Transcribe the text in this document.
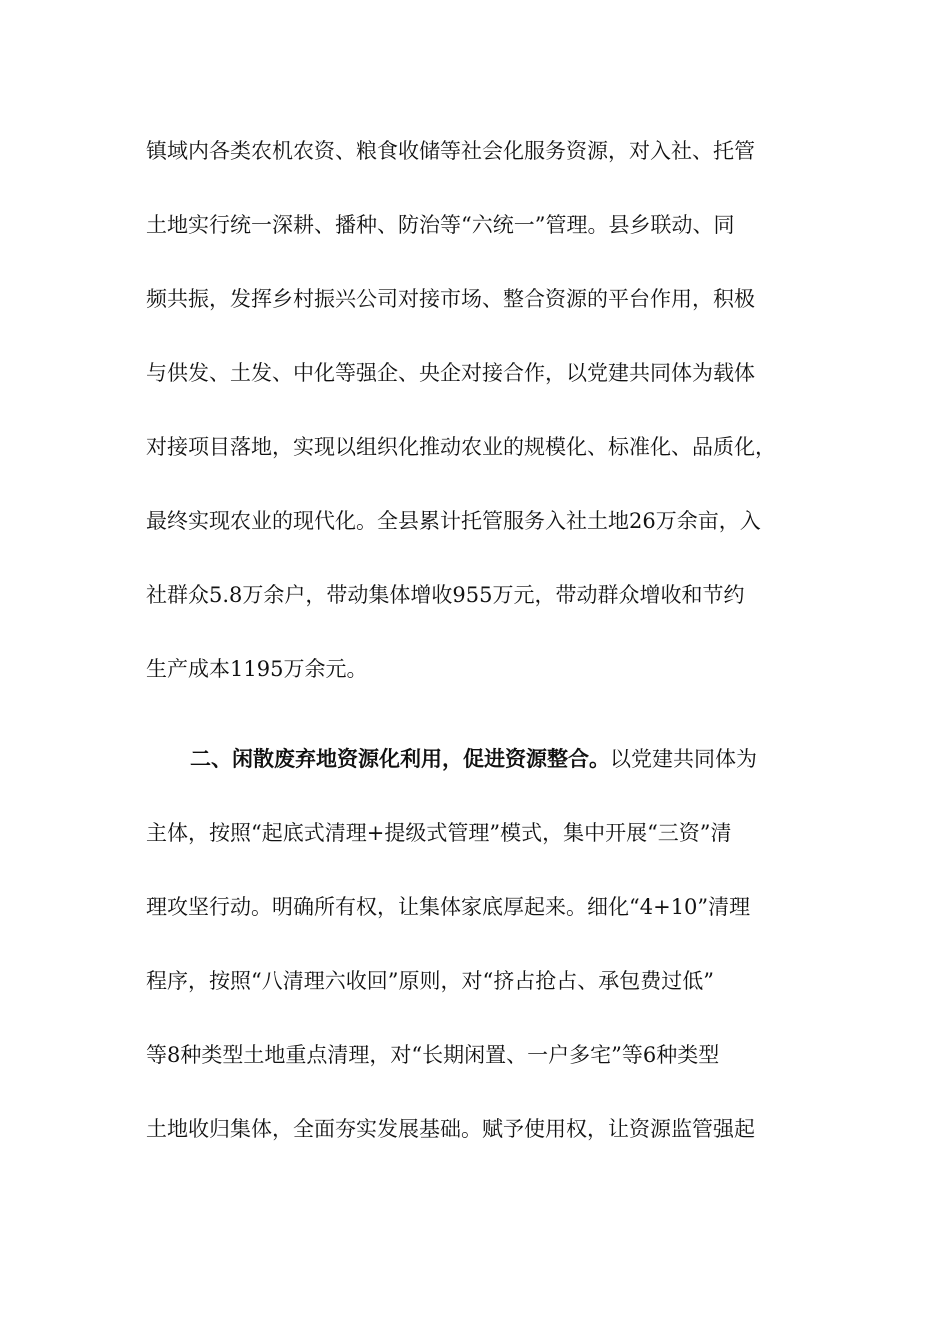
镇域内各类农机农资、粮食收储等社会化服务资源，对入社、托管
土地实行统一深耕、播种、防治等“六统一”管理。县乡联动、同
频共振，发挥乡村振兴公司对接市场、整合资源的平台作用，积极
与供发、土发、中化等强企、央企对接合作，以党建共同体为载体
对接项目落地，实现以组织化推动农业的规模化、标准化、品质化，
最终实现农业的现代化。全县累计托管服务入社土地26万余亩，入
社群众5.8万余户，带动集体增收955万元，带动群众增收和节约
生产成本1195万余元。
二、闲散废弃地资源化利用，促进资源整合。以党建共同体为
主体，按照“起底式清理+提级式管理”模式，集中开展“三资”清
理攻坚行动。明确所有权，让集体家底厚起来。细化“4+10”清理
程序，按照“八清理六收回”原则，对“挤占抢占、承包费过低”
等8种类型土地重点清理，对“长期闲置、一户多宅”等6种类型
土地收归集体，全面夯实发展基础。赋予使用权，让资源监管强起
